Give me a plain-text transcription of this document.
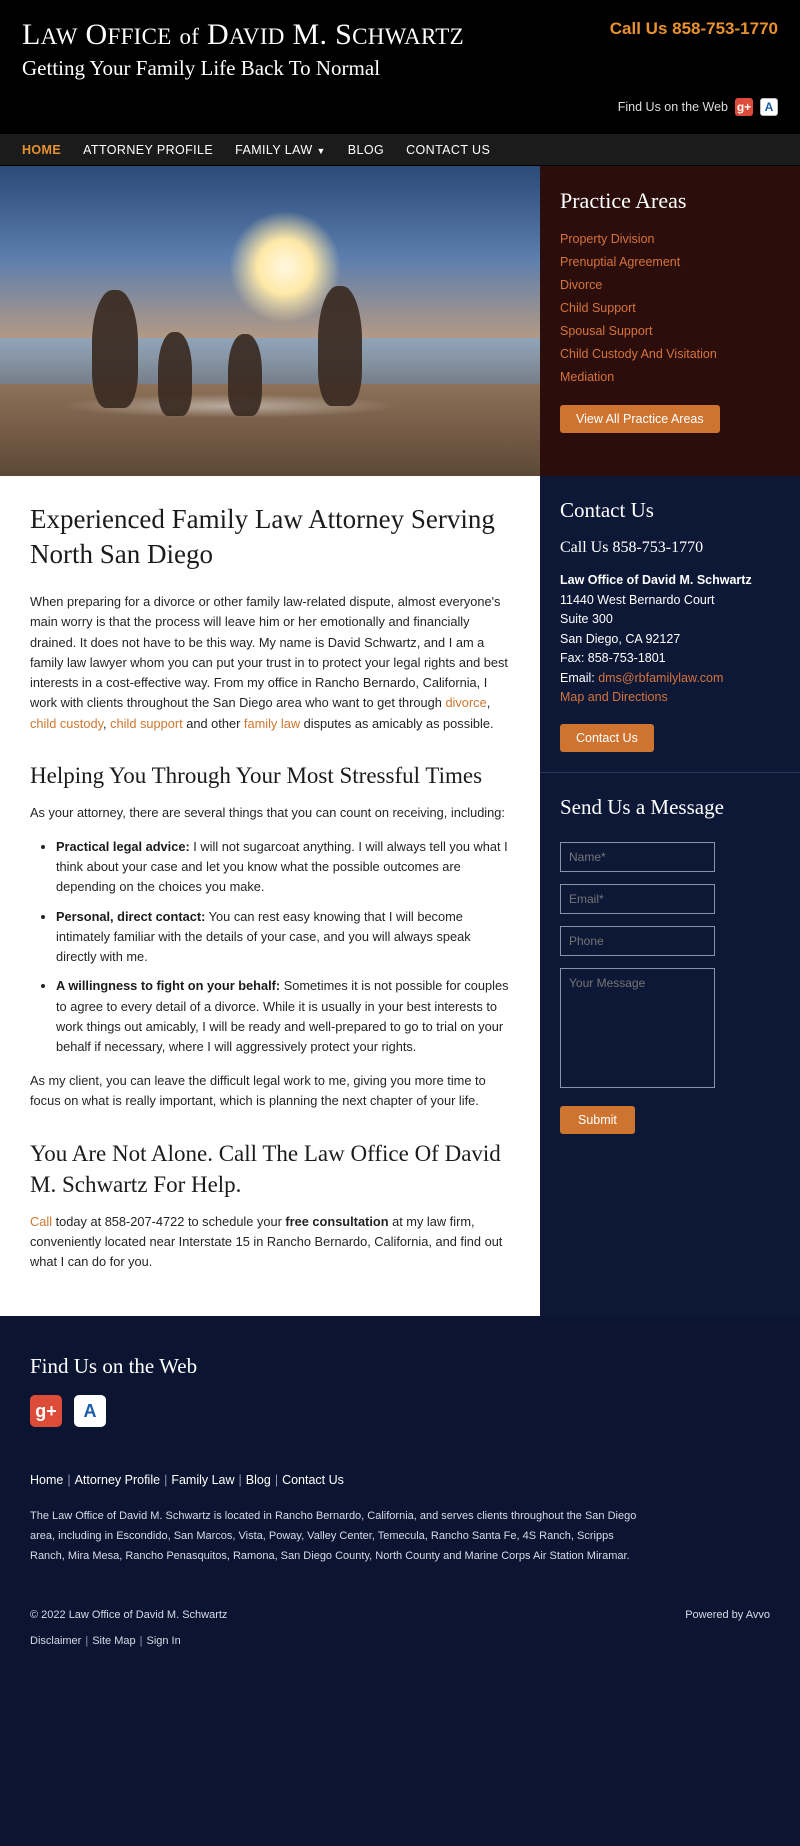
LAW OFFICE of DAVID M. SCHWARTZ
Getting Your Family Life Back To Normal
Call Us 858-753-1770
Find Us on the Web g+	A
HOME ATTORNEY PROFILE FAMILY LAW ▼ BLOG CONTACT US
Experienced Family Law Attorney Serving North San Diego

When preparing for a divorce or other family law-related dispute, almost everyone's main worry is that the process will leave him or her emotionally and financially drained. It does not have to be this way. My name is David Schwartz, and I am a family law lawyer whom you can put your trust in to protect your legal rights and best interests in a cost-effective way. From my office in Rancho Bernardo, California, I work with clients throughout the San Diego area who want to get through divorce, child custody, child support and other family law disputes as amicably as possible.

Helping You Through Your Most Stressful Times

As your attorney, there are several things that you can count on receiving, including:

• Practical legal advice: I will not sugarcoat anything. I will always tell you what I think about your case and let you know what the possible outcomes are depending on the choices you make.
• Personal, direct contact: You can rest easy knowing that I will become intimately familiar with the details of your case, and you will always speak directly with me.
• A willingness to fight on your behalf: Sometimes it is not possible for couples to agree to every detail of a divorce. While it is usually in your best interests to work things out amicably, I will be ready and well-prepared to go to trial on your behalf if necessary, where I will aggressively protect your rights.

As my client, you can leave the difficult legal work to me, giving you more time to focus on what is really important, which is planning the next chapter of your life.

You Are Not Alone. Call The Law Office Of David M. Schwartz For Help.

Call today at 858-207-4722 to schedule your free consultation at my law firm, conveniently located near Interstate 15 in Rancho Bernardo, California, and find out what I can do for you.

Practice Areas
Property Division
Prenuptial Agreement
Divorce
Child Support
Spousal Support
Child Custody And Visitation
Mediation
View All Practice Areas
Contact Us
Call Us 858-753-1770
Law Office of David M. Schwartz
11440 West Bernardo Court
Suite 300
San Diego, CA 92127
Fax: 858-753-1801
Email: dms@rbfamilylaw.com
Map and Directions
Contact Us
Send Us a Message
Name*
Email*
Phone
Your Message Submit
Find Us on the Web
g+	A
Home | Attorney Profile | Family Law | Blog | Contact Us
The Law Office of David M. Schwartz is located in Rancho Bernardo, California, and serves clients throughout the San Diego area, including in Escondido, San Marcos, Vista, Poway, Valley Center, Temecula, Rancho Santa Fe, 4S Ranch, Scripps Ranch, Mira Mesa, Rancho Penasquitos, Ramona, San Diego County, North County and Marine Corps Air Station Miramar.
© 2022 Law Office of David M. Schwartz	Powered by Avvo
Disclaimer | Site Map | Sign In
